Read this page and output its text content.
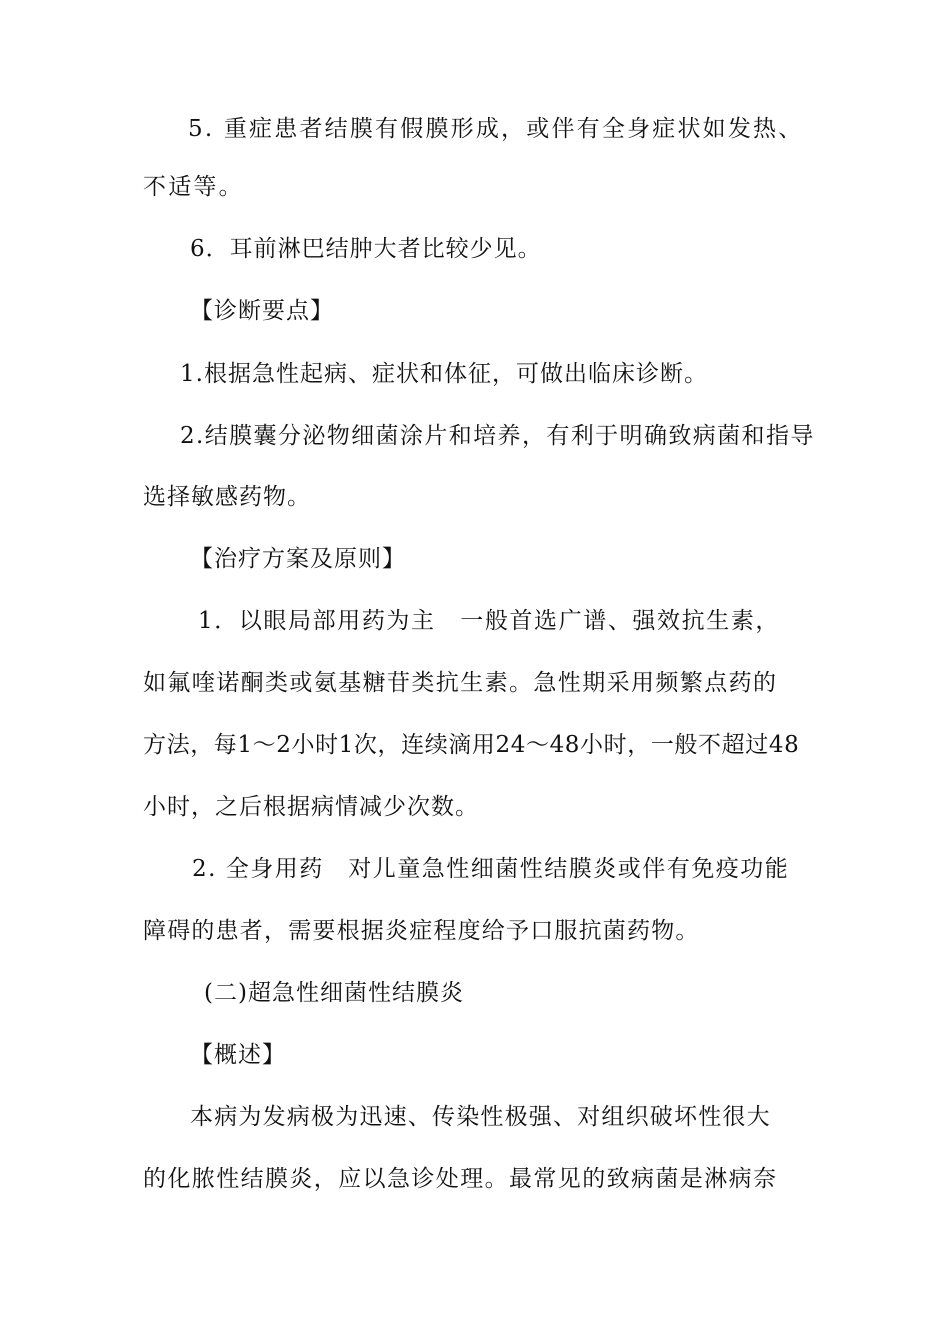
5. 重症患者结膜有假膜形成，或伴有全身症状如发热、
不适等。
6．耳前淋巴结肿大者比较少见。
【诊断要点】
1.根据急性起病、症状和体征，可做出临床诊断。
2.结膜囊分泌物细菌涂片和培养，有利于明确致病菌和指导
选择敏感药物。
【治疗方案及原则】
1．以眼局部用药为主　一般首选广谱、强效抗生素，
如氟喹诺酮类或氨基糖苷类抗生素。急性期采用频繁点药的
方法，每1～2小时1次，连续滴用24～48小时，一般不超过48
小时，之后根据病情减少次数。
2. 全身用药　对儿童急性细菌性结膜炎或伴有免疫功能
障碍的患者，需要根据炎症程度给予口服抗菌药物。
(二)超急性细菌性结膜炎
【概述】
本病为发病极为迅速、传染性极强、对组织破坏性很大
的化脓性结膜炎，应以急诊处理。最常见的致病菌是淋病奈
